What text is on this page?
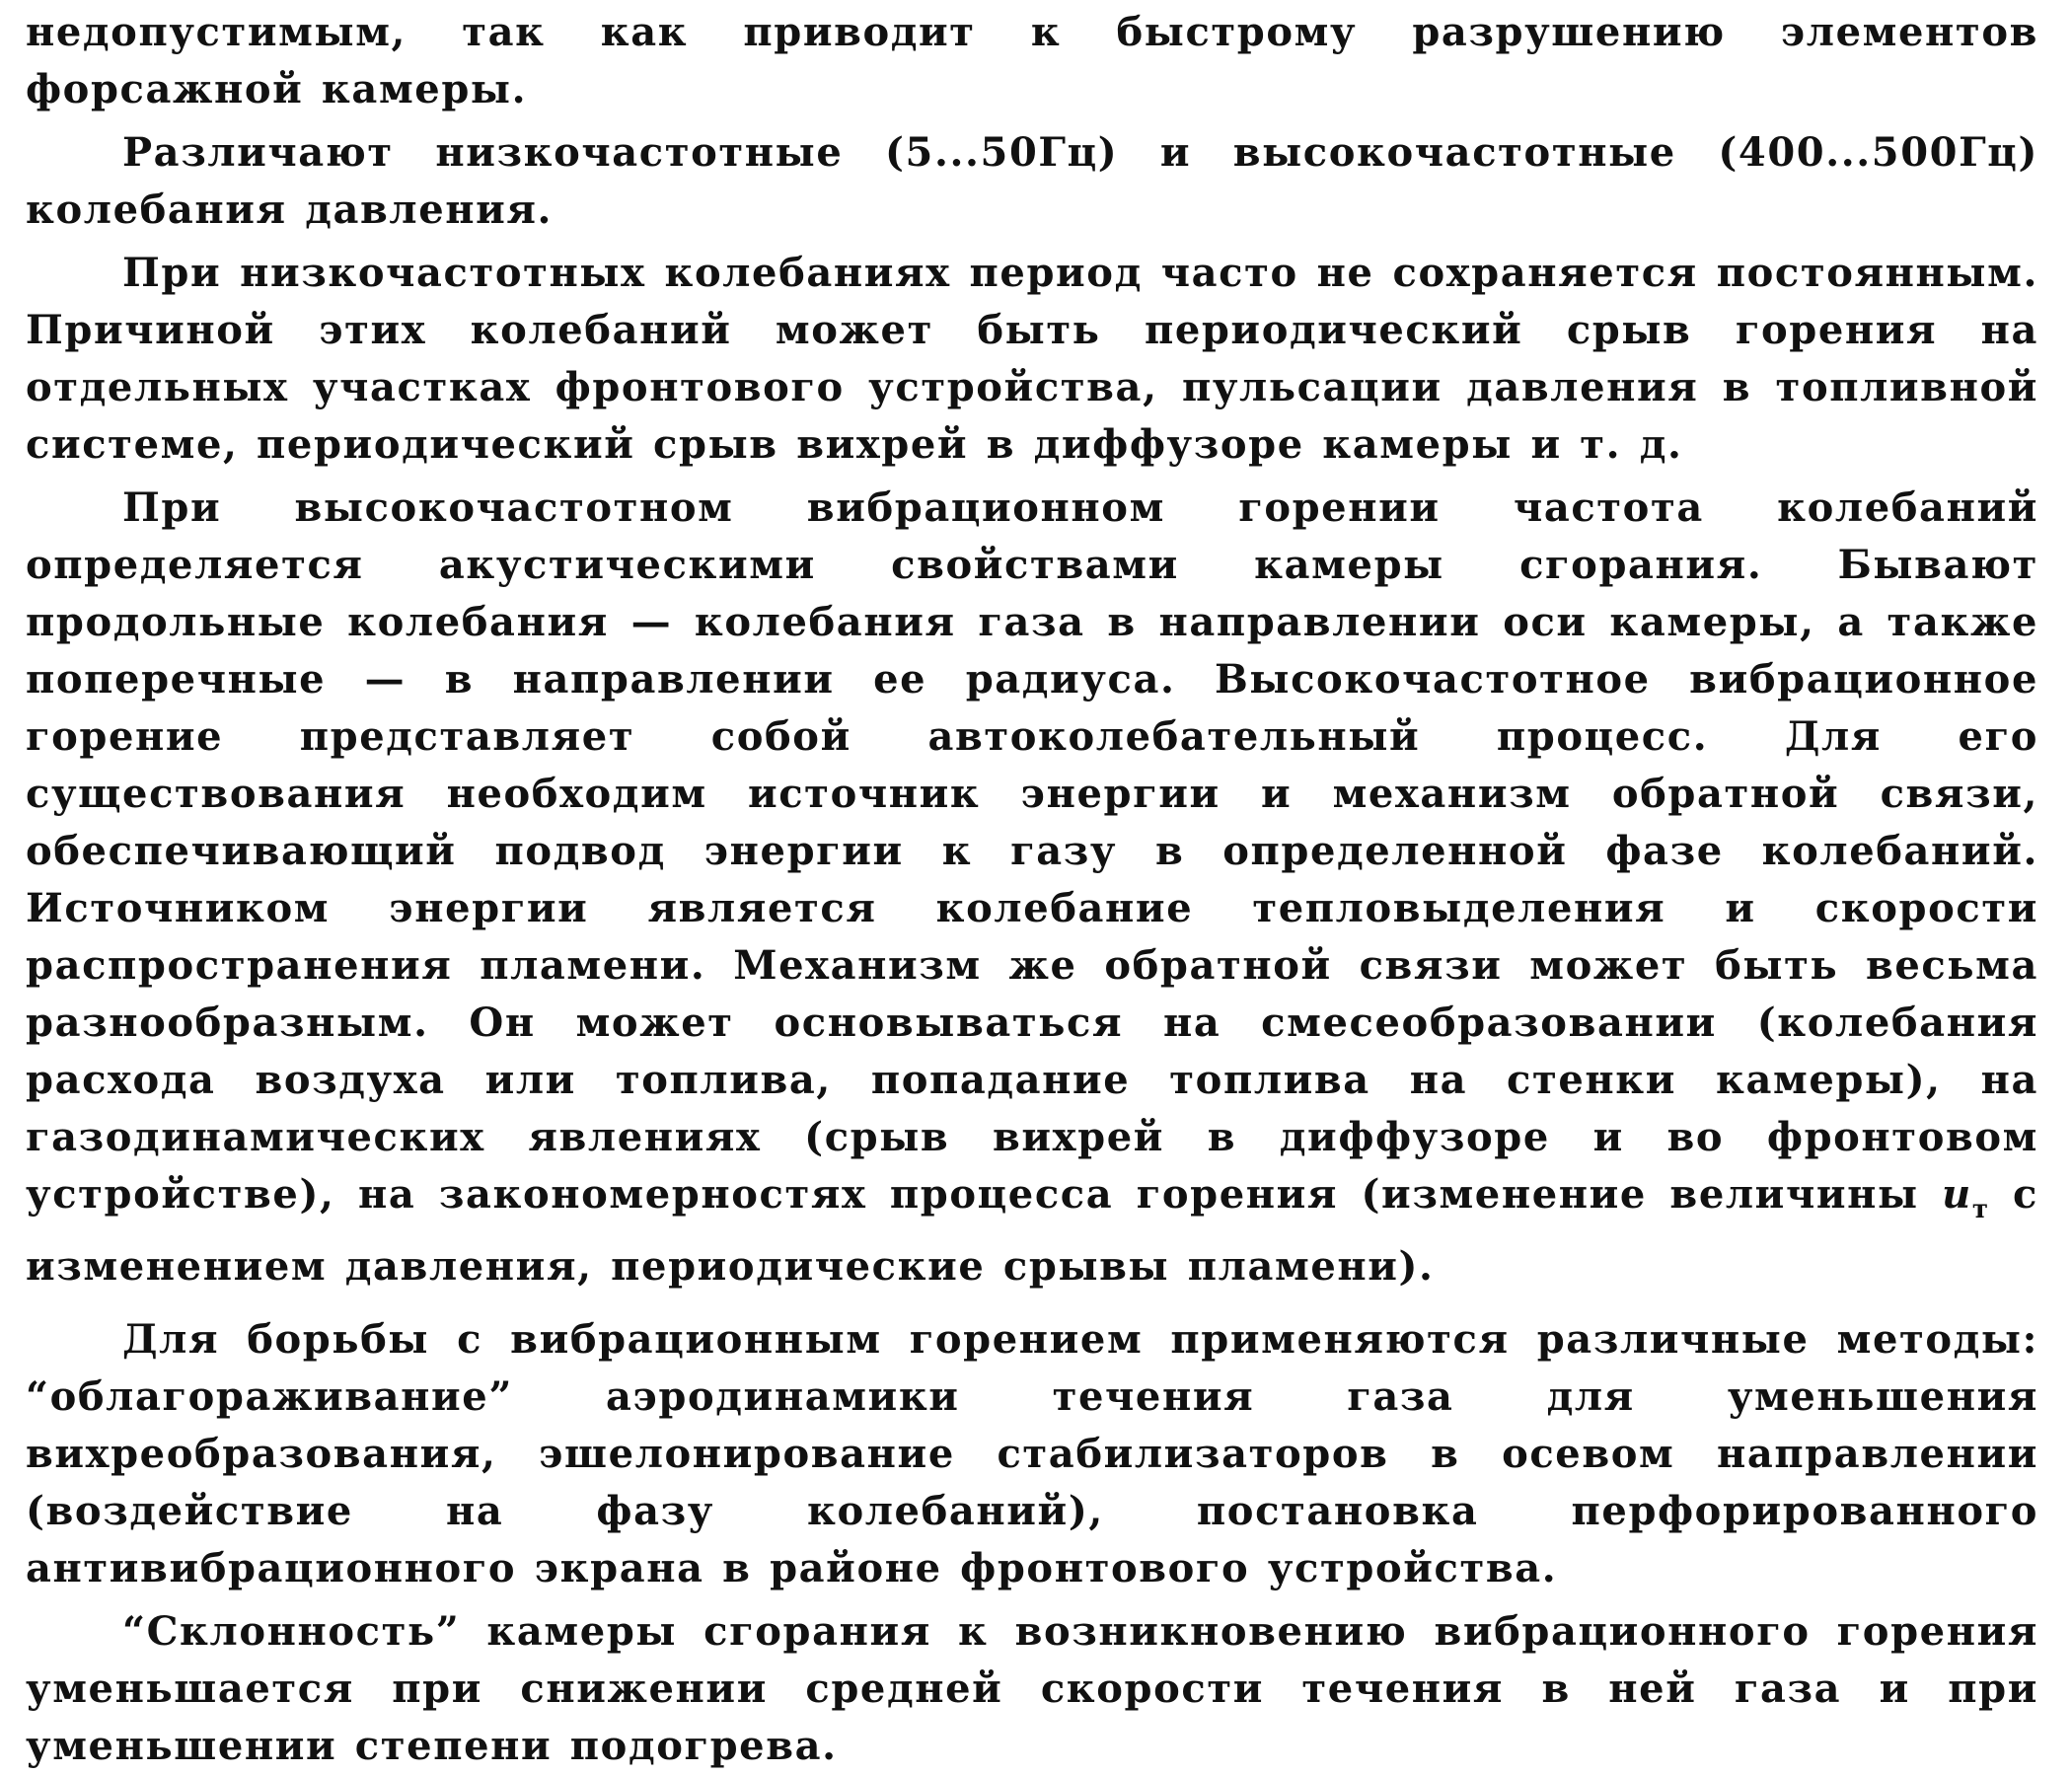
недопустимым, так как приводит к быстрому разрушению элементов форсажной камеры.

Различают низкочастотные (5...50Гц) и высокочастотные (400...500Гц) колебания давления.

При низкочастотных колебаниях период часто не сохраняется постоянным. Причиной этих колебаний может быть периодический срыв горения на отдельных участках фронтового устройства, пульсации давления в топливной системе, периодический срыв вихрей в диффузоре камеры и т. д.

При высокочастотном вибрационном горении частота колебаний определяется акустическими свойствами камеры сгорания. Бывают продольные колебания — колебания газа в направлении оси камеры, а также поперечные — в направлении ее радиуса. Высокочастотное вибрационное горение представляет собой автоколебательный процесс. Для его существования необходим источник энергии и механизм обратной связи, обеспечивающий подвод энергии к газу в определенной фазе колебаний. Источником энергии является колебание тепловыделения и скорости распространения пламени. Механизм же обратной связи может быть весьма разнообразным. Он может основываться на смесеобразовании (колебания расхода воздуха или топлива, попадание топлива на стенки камеры), на газодинамических явлениях (срыв вихрей в диффузоре и во фронтовом устройстве), на закономерностях процесса горения (изменение величины $u_т$ с изменением давления, периодические срывы пламени).

Для борьбы с вибрационным горением применяются различные методы: “облагораживание” аэродинамики течения газа для уменьшения вихреобразования, эшелонирование стабилизаторов в осевом направлении (воздействие на фазу колебаний), постановка перфорированного антивибрационного экрана в районе фронтового устройства.

“Склонность” камеры сгорания к возникновению вибрационного горения уменьшается при снижении средней скорости течения в ней газа и при уменьшении степени подогрева.
